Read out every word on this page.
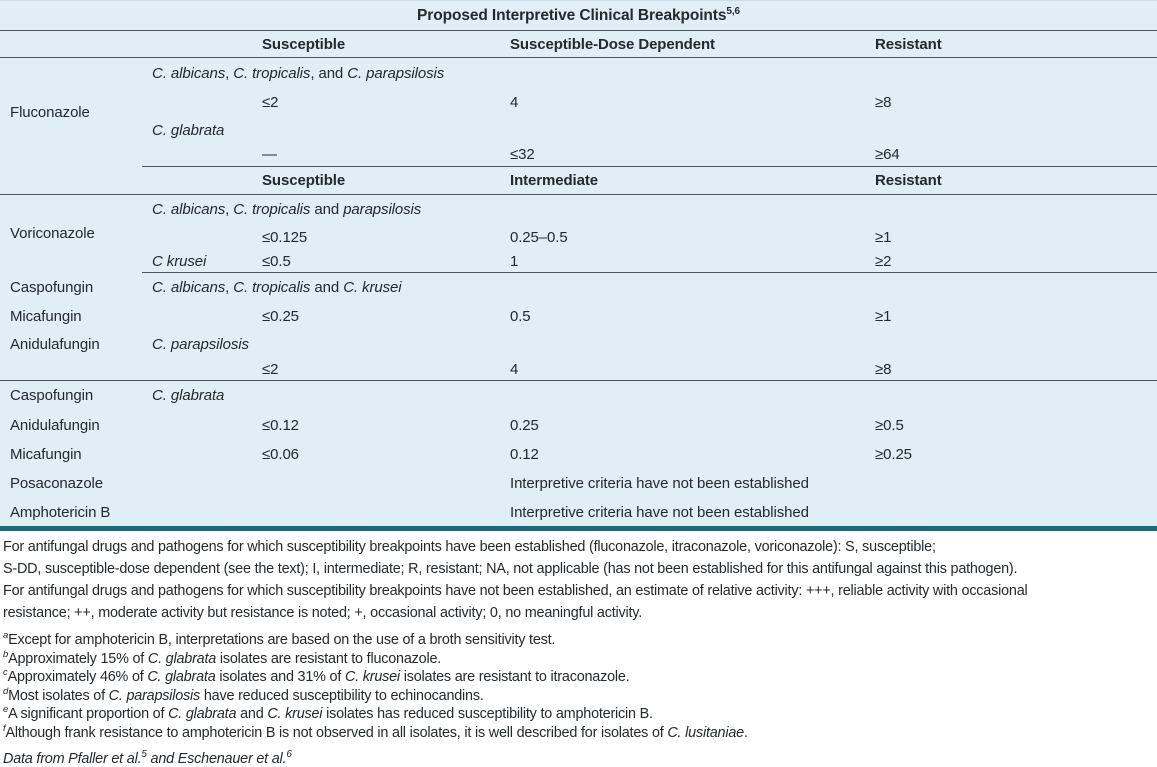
Proposed Interpretive Clinical Breakpoints$^{5,6}$
		Susceptible	Susceptible-Dose Dependent	Resistant
Fluconazole	C. albicans, C. tropicalis, and C. parapsilosis			
		≤2	4	≥8
	C. glabrata			
		—	≤32	≥64
		Susceptible	Intermediate	Resistant
Voriconazole	C. albicans, C. tropicalis and parapsilosis			
		≤0.125	0.25–0.5	≥1
	C krusei	≤0.5	1	≥2
Caspofungin	C. albicans, C. tropicalis and C. krusei			
Micafungin		≤0.25	0.5	≥1
Anidulafungin	C. parapsilosis			
		≤2	4	≥8
Caspofungin	C. glabrata			
Anidulafungin		≤0.12	0.25	≥0.5
Micafungin		≤0.06	0.12	≥0.25
Posaconazole			Interpretive criteria have not been established	
Amphotericin B			Interpretive criteria have not been established	
For antifungal drugs and pathogens for which susceptibility breakpoints have been established (fluconazole, itraconazole, voriconazole): S, susceptible;
S-DD, susceptible-dose dependent (see the text); I, intermediate; R, resistant; NA, not applicable (has not been established for this antifungal against this pathogen).
For antifungal drugs and pathogens for which susceptibility breakpoints have not been established, an estimate of relative activity: +++, reliable activity with occasional
resistance; ++, moderate activity but resistance is noted; +, occasional activity; 0, no meaningful activity.
$^a$Except for amphotericin B, interpretations are based on the use of a broth sensitivity test.
$^b$Approximately 15% of C. glabrata isolates are resistant to fluconazole.
$^c$Approximately 46% of C. glabrata isolates and 31% of C. krusei isolates are resistant to itraconazole.
$^d$Most isolates of C. parapsilosis have reduced susceptibility to echinocandins.
$^e$A significant proportion of C. glabrata and C. krusei isolates has reduced susceptibility to amphotericin B.
$^f$Although frank resistance to amphotericin B is not observed in all isolates, it is well described for isolates of C. lusitaniae.
Data from Pfaller et al.$^5$ and Eschenauer et al.$^6$
